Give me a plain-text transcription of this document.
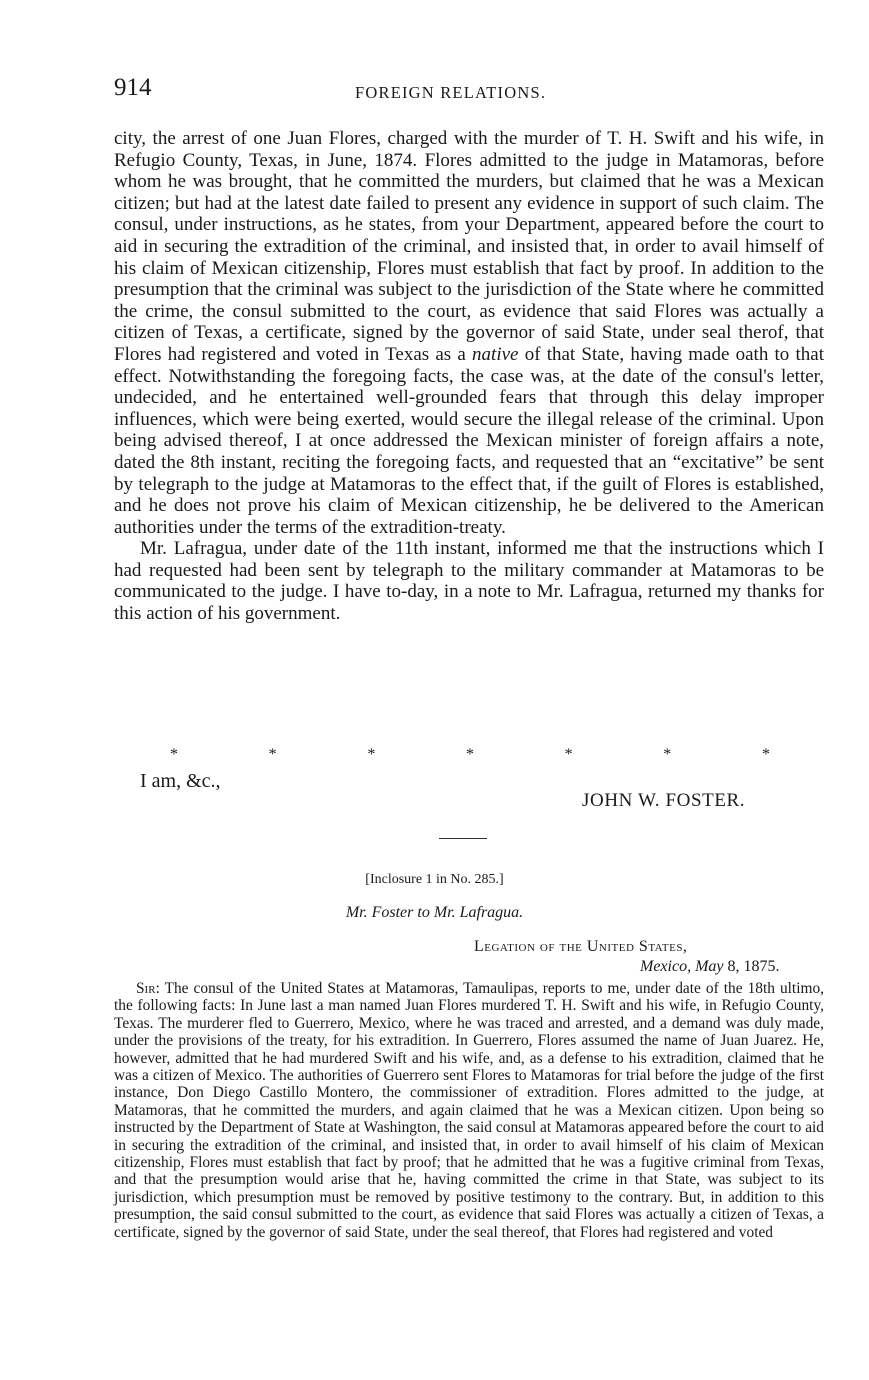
914	FOREIGN RELATIONS.

city, the arrest of one Juan Flores, charged with the murder of T. H. Swift and his wife, in Refugio County, Texas, in June, 1874. Flores admitted to the judge in Matamoras, before whom he was brought, that he committed the murders, but claimed that he was a Mexican citizen; but had at the latest date failed to present any evidence in support of such claim. The consul, under instructions, as he states, from your Department, appeared before the court to aid in securing the extradition of the criminal, and insisted that, in order to avail himself of his claim of Mexican citizenship, Flores must establish that fact by proof. In addition to the presumption that the criminal was subject to the jurisdiction of the State where he committed the crime, the consul submitted to the court, as evidence that said Flores was actually a citizen of Texas, a certificate, signed by the governor of said State, under seal therof, that Flores had registered and voted in Texas as a native of that State, having made oath to that effect. Notwithstanding the foregoing facts, the case was, at the date of the consul's letter, undecided, and he entertained well-grounded fears that through this delay improper influences, which were being exerted, would secure the illegal release of the criminal. Upon being advised thereof, I at once addressed the Mexican minister of foreign affairs a note, dated the 8th instant, reciting the foregoing facts, and requested that an “excitative” be sent by telegraph to the judge at Matamoras to the effect that, if the guilt of Flores is established, and he does not prove his claim of Mexican citizenship, he be delivered to the American authorities under the terms of the extradition-treaty.

Mr. Lafragua, under date of the 11th instant, informed me that the instructions which I had requested had been sent by telegraph to the military commander at Matamoras to be communicated to the judge. I have to-day, in a note to Mr. Lafragua, returned my thanks for this action of his government.

*	*	*	*	*	*	*
I am, &c.,
JOHN W. FOSTER.
[Inclosure 1 in No. 285.]
Mr. Foster to Mr. Lafragua.
Legation of the United States,
Mexico, May 8, 1875.
Sir: The consul of the United States at Matamoras, Tamaulipas, reports to me, under date of the 18th ultimo, the following facts: In June last a man named Juan Flores murdered T. H. Swift and his wife, in Refugio County, Texas. The murderer fled to Guerrero, Mexico, where he was traced and arrested, and a demand was duly made, under the provisions of the treaty, for his extradition. In Guerrero, Flores assumed the name of Juan Juarez. He, however, admitted that he had murdered Swift and his wife, and, as a defense to his extradition, claimed that he was a citizen of Mexico. The authorities of Guerrero sent Flores to Matamoras for trial before the judge of the first instance, Don Diego Castillo Montero, the commissioner of extradition. Flores admitted to the judge, at Matamoras, that he committed the murders, and again claimed that he was a Mexican citizen. Upon being so instructed by the Department of State at Washington, the said consul at Matamoras appeared before the court to aid in securing the extradition of the criminal, and insisted that, in order to avail himself of his claim of Mexican citizenship, Flores must establish that fact by proof; that he admitted that he was a fugitive criminal from Texas, and that the presumption would arise that he, having committed the crime in that State, was subject to its jurisdiction, which presumption must be removed by positive testimony to the contrary. But, in addition to this presumption, the said consul submitted to the court, as evidence that said Flores was actually a citizen of Texas, a certificate, signed by the governor of said State, under the seal thereof, that Flores had registered and voted
